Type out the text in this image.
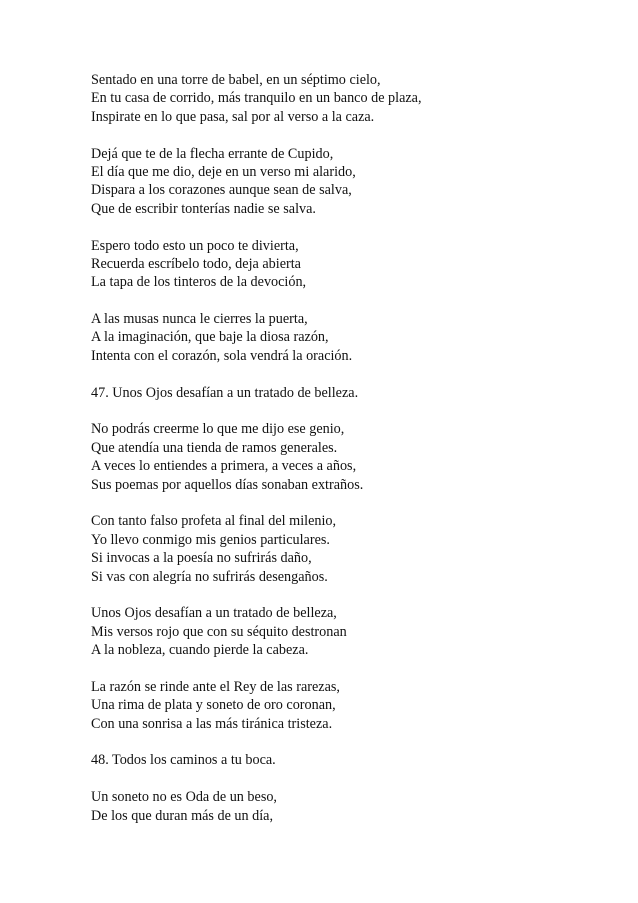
Sentado en una torre de babel, en un séptimo cielo,
En tu casa de corrido, más tranquilo en un banco de plaza,
Inspirate en lo que pasa, sal por al verso a la caza.
Dejá que te de la flecha errante de Cupido,
El día que me dio, deje en un verso mi alarido,
Dispara a los corazones aunque sean de salva,
Que de escribir tonterías nadie se salva.
Espero todo esto un poco te divierta,
Recuerda escríbelo todo, deja abierta
La tapa de los tinteros de la devoción,
A las musas nunca le cierres la puerta,
A la imaginación, que baje la diosa razón,
Intenta con el corazón, sola vendrá la oración.
47. Unos Ojos desafían a un tratado de belleza.
No podrás creerme lo que me dijo ese genio,
Que atendía una tienda de ramos generales.
A veces lo entiendes a primera, a veces a años,
Sus poemas por aquellos días sonaban extraños.
Con tanto falso profeta al final del milenio,
Yo llevo conmigo mis genios particulares.
Si invocas a la poesía no sufrirás daño,
Si vas con alegría no sufrirás desengaños.
Unos Ojos desafían a un tratado de belleza,
Mis versos rojo que con su séquito destronan
A la nobleza, cuando pierde la cabeza.
La razón se rinde ante el Rey de las rarezas,
Una rima de plata y soneto de oro coronan,
Con una sonrisa a las más tiránica tristeza.
48. Todos los caminos a tu boca.
Un soneto no es Oda de un beso,
De los que duran más de un día,
